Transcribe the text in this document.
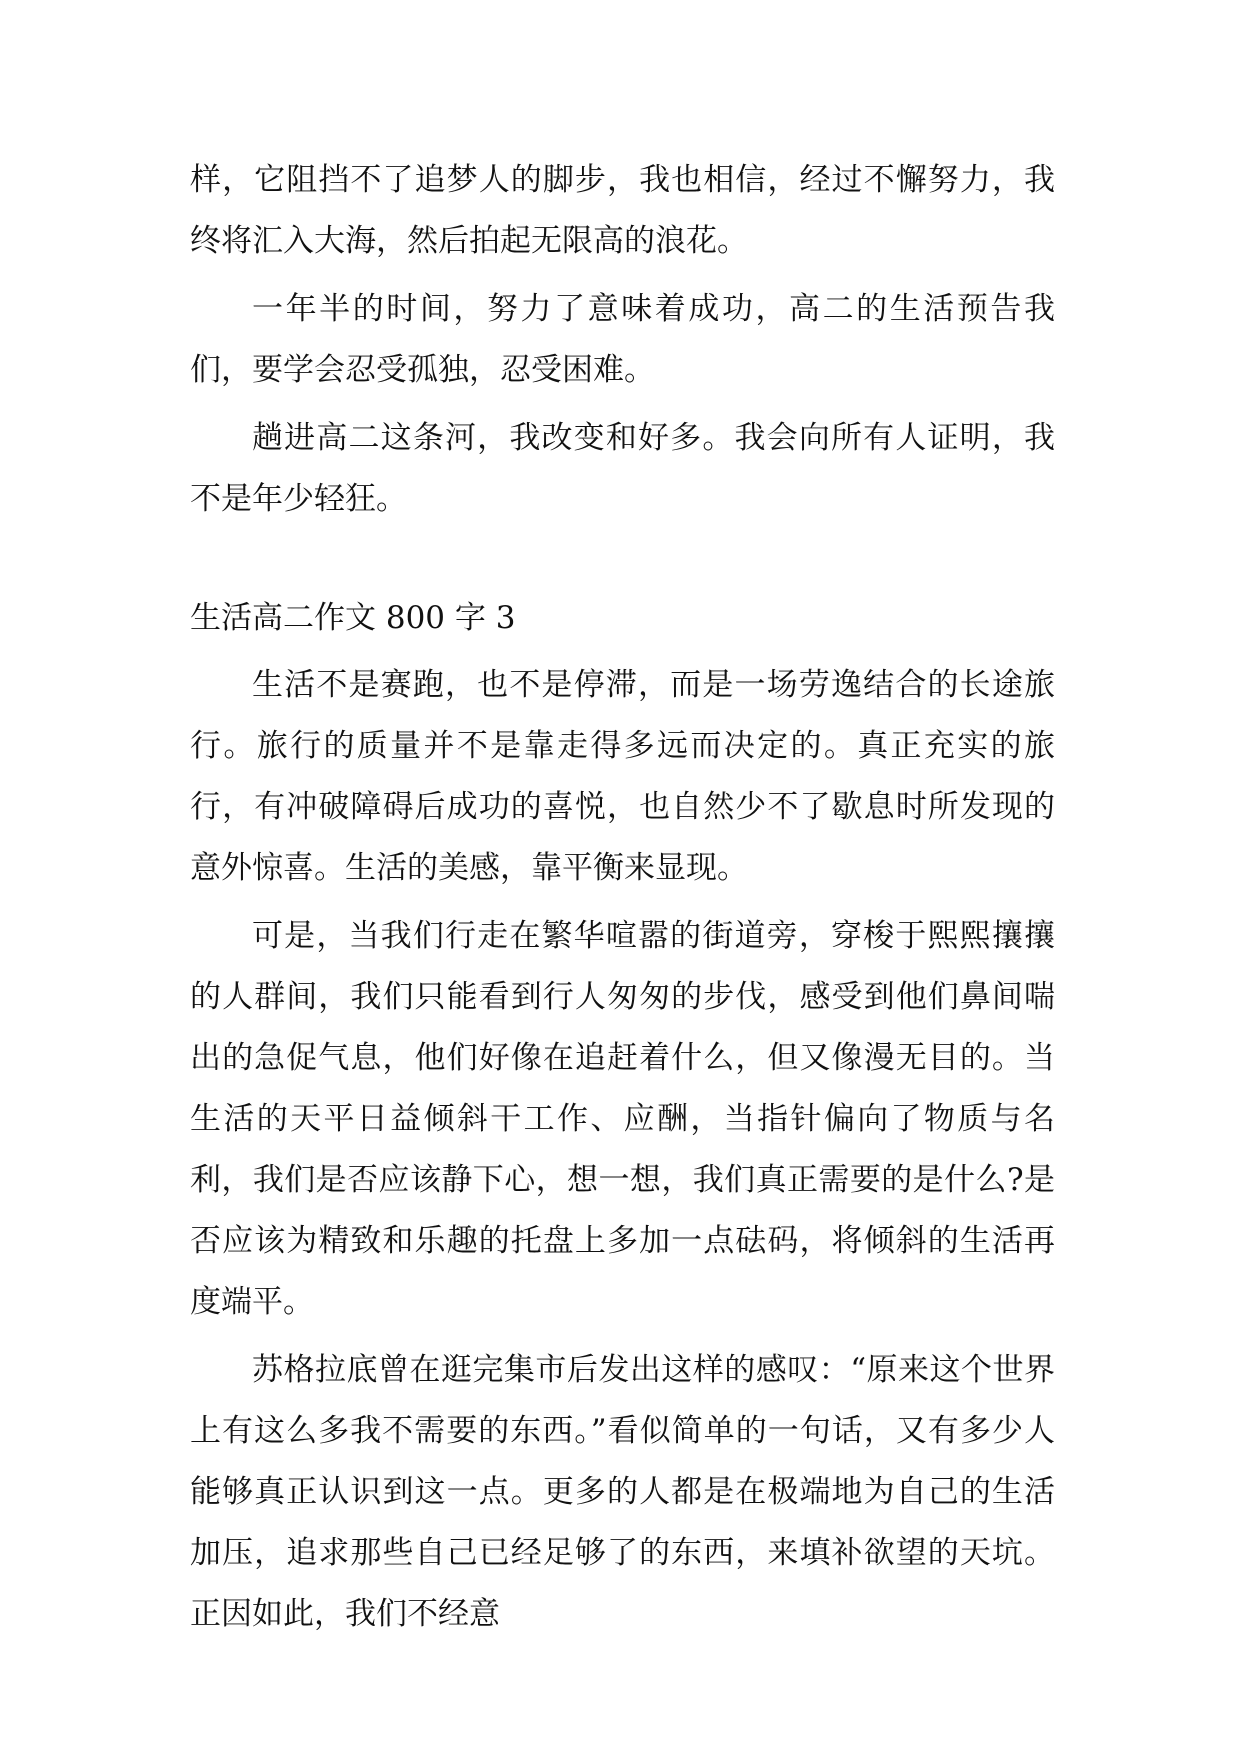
样，它阻挡不了追梦人的脚步，我也相信，经过不懈努力，我终将汇入大海，然后拍起无限高的浪花。

一年半的时间，努力了意味着成功，高二的生活预告我们，要学会忍受孤独，忍受困难。

趟进高二这条河，我改变和好多。我会向所有人证明，我不是年少轻狂。

生活高二作文 800 字 3

生活不是赛跑，也不是停滞，而是一场劳逸结合的长途旅行。旅行的质量并不是靠走得多远而决定的。真正充实的旅行，有冲破障碍后成功的喜悦，也自然少不了歇息时所发现的意外惊喜。生活的美感，靠平衡来显现。

可是，当我们行走在繁华喧嚣的街道旁，穿梭于熙熙攘攘的人群间，我们只能看到行人匆匆的步伐，感受到他们鼻间喘出的急促气息，他们好像在追赶着什么，但又像漫无目的。当生活的天平日益倾斜干工作、应酬，当指针偏向了物质与名利，我们是否应该静下心，想一想，我们真正需要的是什么?是否应该为精致和乐趣的托盘上多加一点砝码，将倾斜的生活再度端平。

苏格拉底曾在逛完集市后发出这样的感叹：“原来这个世界上有这么多我不需要的东西。”看似简单的一句话，又有多少人能够真正认识到这一点。更多的人都是在极端地为自己的生活加压，追求那些自己已经足够了的东西，来填补欲望的天坑。正因如此，我们不经意
